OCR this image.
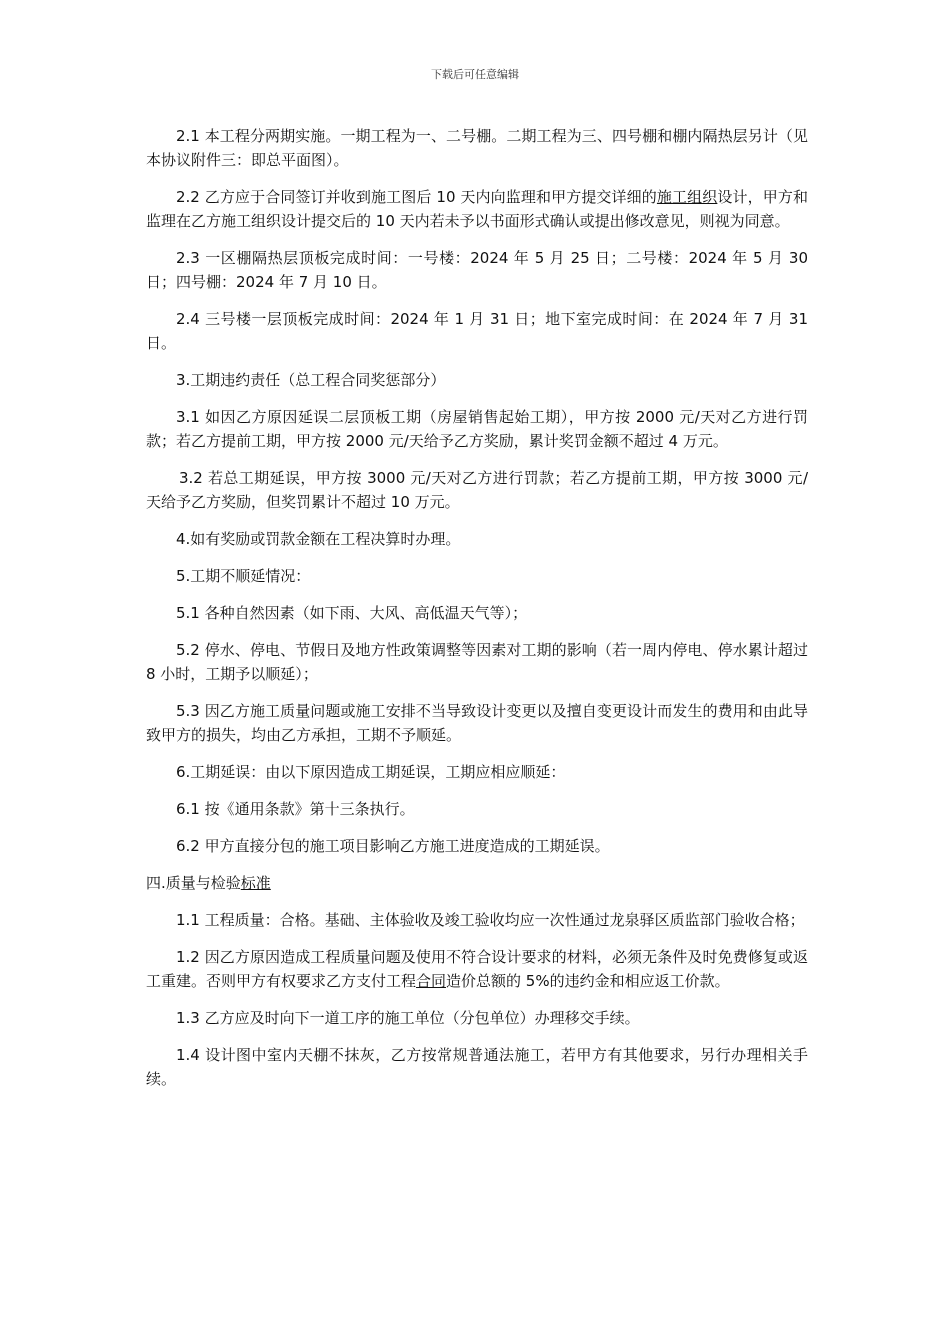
下载后可任意编辑

2.1 本工程分两期实施。一期工程为一、二号棚。二期工程为三、四号棚和棚内隔热层另计（见本协议附件三：即总平面图）。

2.2 乙方应于合同签订并收到施工图后 10 天内向监理和甲方提交详细的施工组织设计，甲方和监理在乙方施工组织设计提交后的 10 天内若未予以书面形式确认或提出修改意见，则视为同意。

2.3 一区棚隔热层顶板完成时间：一号楼：2024 年 5 月 25 日；二号楼：2024 年 5 月 30 日；四号棚：2024 年 7 月 10 日。

2.4 三号楼一层顶板完成时间：2024 年 1 月 31 日；地下室完成时间：在 2024 年 7 月 31 日。

3.工期违约责任（总工程合同奖惩部分）

3.1 如因乙方原因延误二层顶板工期（房屋销售起始工期），甲方按 2000 元/天对乙方进行罚款；若乙方提前工期，甲方按 2000 元/天给予乙方奖励，累计奖罚金额不超过 4 万元。

3.2 若总工期延误，甲方按 3000 元/天对乙方进行罚款；若乙方提前工期，甲方按 3000 元/天给予乙方奖励，但奖罚累计不超过 10 万元。

4.如有奖励或罚款金额在工程决算时办理。

5.工期不顺延情况：

5.1 各种自然因素（如下雨、大风、高低温天气等）；

5.2 停水、停电、节假日及地方性政策调整等因素对工期的影响（若一周内停电、停水累计超过 8 小时，工期予以顺延）；

5.3 因乙方施工质量问题或施工安排不当导致设计变更以及擅自变更设计而发生的费用和由此导致甲方的损失，均由乙方承担，工期不予顺延。

6.工期延误：由以下原因造成工期延误，工期应相应顺延：

6.1 按《通用条款》第十三条执行。

6.2 甲方直接分包的施工项目影响乙方施工进度造成的工期延误。

四.质量与检验标准

1.1 工程质量：合格。基础、主体验收及竣工验收均应一次性通过龙泉驿区质监部门验收合格；

1.2 因乙方原因造成工程质量问题及使用不符合设计要求的材料，必须无条件及时免费修复或返工重建。否则甲方有权要求乙方支付工程合同造价总额的 5%的违约金和相应返工价款。

1.3 乙方应及时向下一道工序的施工单位（分包单位）办理移交手续。

1.4 设计图中室内天棚不抹灰，乙方按常规普通法施工，若甲方有其他要求，另行办理相关手续。
